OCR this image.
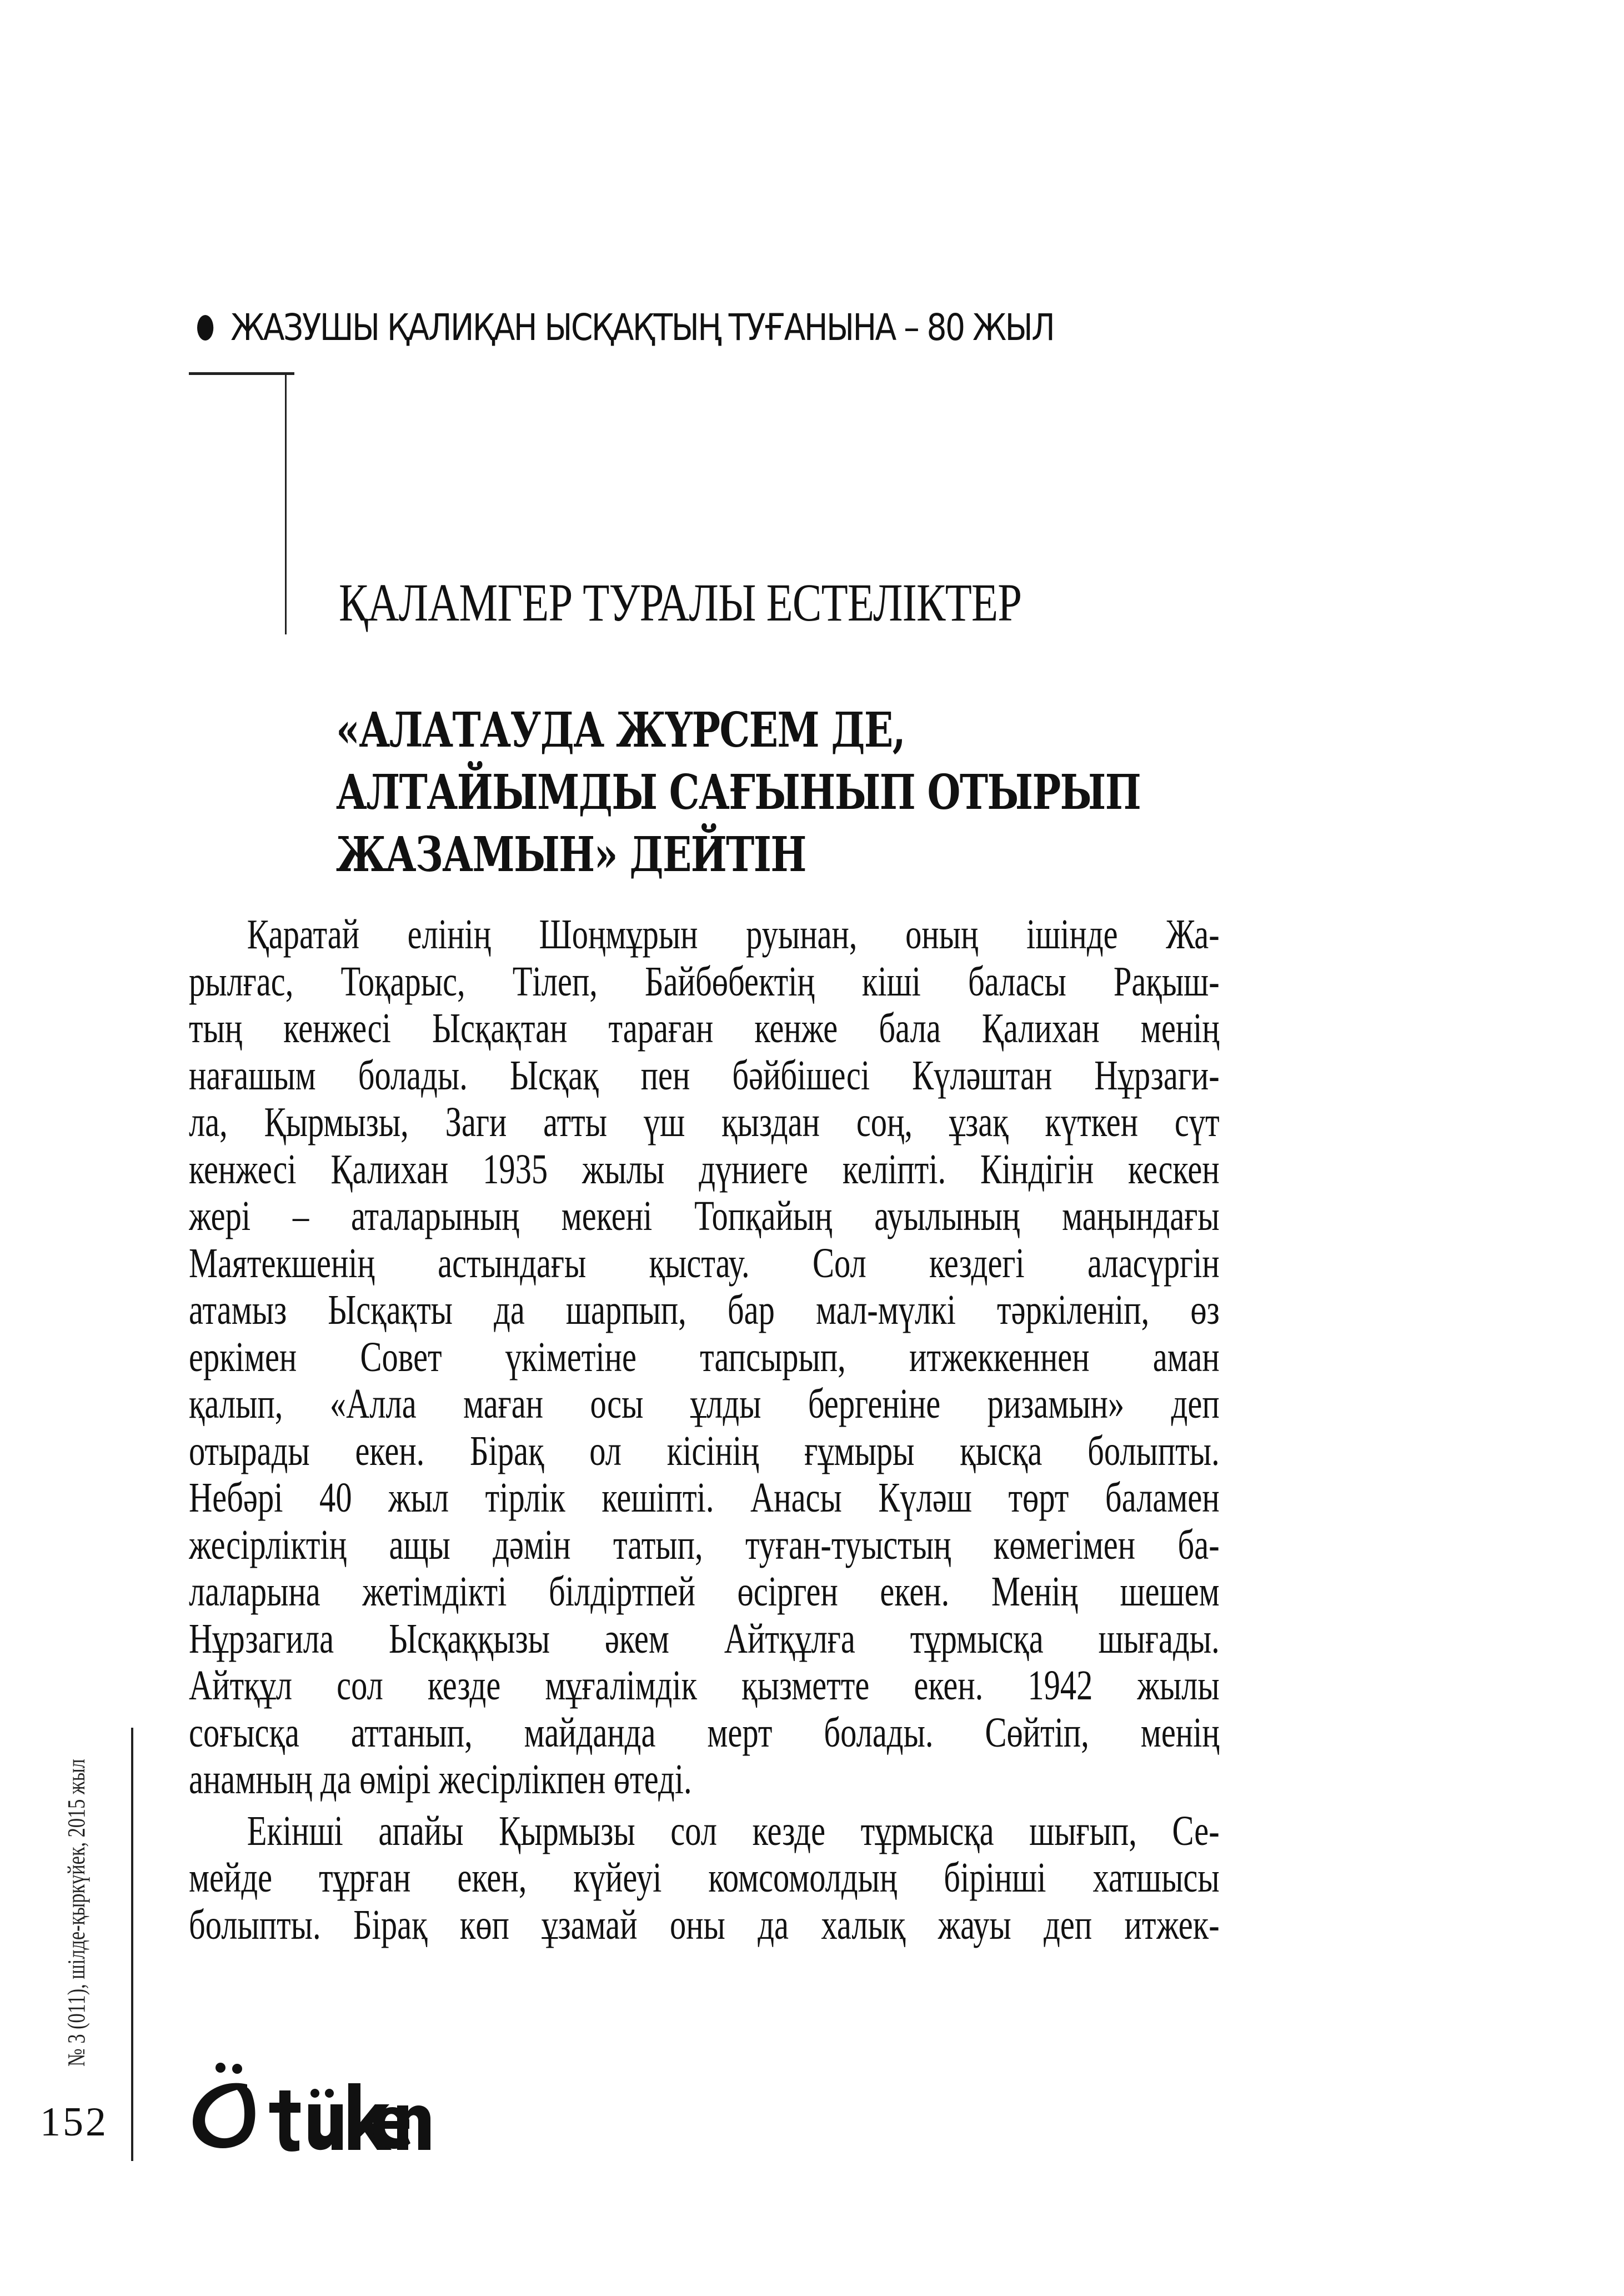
ЖАЗУШЫ ҚАЛИҚАН ЫСҚАҚТЫҢ ТУҒАНЫНА – 80 ЖЫЛ
ҚАЛАМГЕР ТУРАЛЫ ЕСТЕЛІКТЕР
«АЛАТАУДА ЖҮРСЕМ ДЕ,
АЛТАЙЫМДЫ САҒЫНЫП ОТЫРЫП
ЖАЗАМЫН» ДЕЙТІН
Қаратай елінің Шоңмұрын руынан, оның ішінде Жа-
рылғас, Тоқарыс, Тілеп, Байбөбектің кіші баласы Рақыш-
тың кенжесі Ысқақтан тараған кенже бала Қалихан менің
нағашым болады. Ысқақ пен бәйбішесі Күләштан Нұрзаги-
ла, Қырмызы, Заги атты үш қыздан соң, ұзақ күткен сүт
кенжесі Қалихан 1935 жылы дүниеге келіпті. Кіндігін кескен
жері – аталарының мекені Топқайың ауылының маңындағы
Маятекшенің астындағы қыстау. Сол кездегі аласүргін
атамыз Ысқақты да шарпып, бар мал-мүлкі тәркіленіп, өз
еркімен Совет үкіметіне тапсырып, итжеккеннен аман
қалып, «Алла маған осы ұлды бергеніне ризамын» деп
отырады екен. Бірақ ол кісінің ғұмыры қысқа болыпты.
Небәрі 40 жыл тірлік кешіпті. Анасы Күләш төрт баламен
жесірліктің ащы дәмін татып, туған-туыстың көмегімен ба-
лаларына жетімдікті білдіртпей өсірген екен. Менің шешем
Нұрзагила Ысқаққызы әкем Айтқұлға тұрмысқа шығады.
Айтқұл сол кезде мұғалімдік қызметте екен. 1942 жылы
соғысқа аттанып, майданда мерт болады. Сөйтіп, менің
анамның да өмірі жесірлікпен өтеді.
Екінші апайы Қырмызы сол кезде тұрмысқа шығып, Се-
мейде тұрған екен, күйеуі комсомолдың бірінші хатшысы
болыпты. Бірақ көп ұзамай оны да халық жауы деп итжек-
№ 3 (011), шілде-қыркүйек, 2015 жыл
152
